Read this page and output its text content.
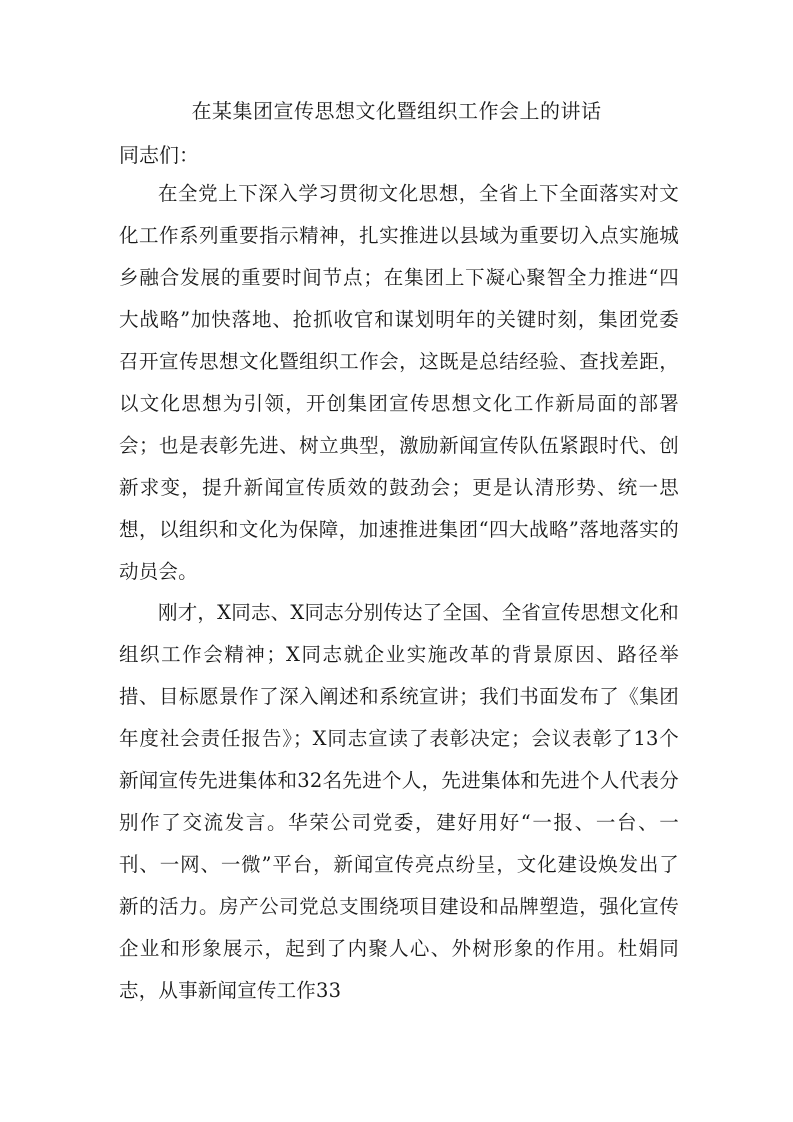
在某集团宣传思想文化暨组织工作会上的讲话
同志们：

在全党上下深入学习贯彻文化思想，全省上下全面落实对文化工作系列重要指示精神，扎实推进以县域为重要切入点实施城乡融合发展的重要时间节点；在集团上下凝心聚智全力推进“四大战略”加快落地、抢抓收官和谋划明年的关键时刻，集团党委召开宣传思想文化暨组织工作会，这既是总结经验、查找差距，以文化思想为引领，开创集团宣传思想文化工作新局面的部署会；也是表彰先进、树立典型，激励新闻宣传队伍紧跟时代、创新求变，提升新闻宣传质效的鼓劲会；更是认清形势、统一思想，以组织和文化为保障，加速推进集团“四大战略”落地落实的动员会。

刚才，X同志、X同志分别传达了全国、全省宣传思想文化和组织工作会精神；X同志就企业实施改革的背景原因、路径举措、目标愿景作了深入阐述和系统宣讲；我们书面发布了《集团年度社会责任报告》；X同志宣读了表彰决定；会议表彰了13个新闻宣传先进集体和32名先进个人，先进集体和先进个人代表分别作了交流发言。华荣公司党委，建好用好“一报、一台、一刊、一网、一微”平台，新闻宣传亮点纷呈，文化建设焕发出了新的活力。房产公司党总支围绕项目建设和品牌塑造，强化宣传企业和形象展示，起到了内聚人心、外树形象的作用。杜娟同志，从事新闻宣传工作33
